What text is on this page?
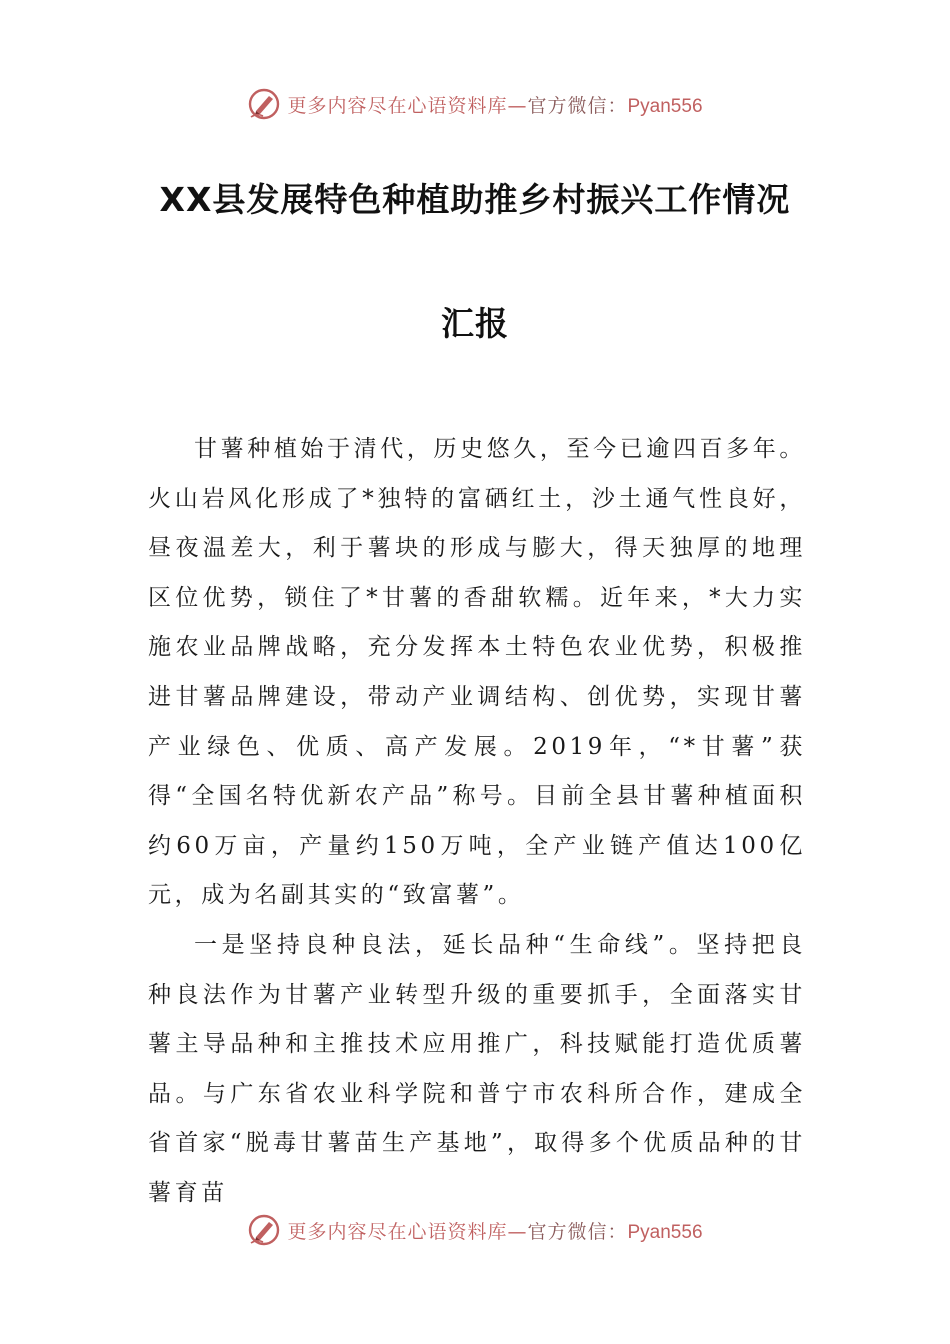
更多内容尽在心语资料库—官方微信：Pyan556
XX县发展特色种植助推乡村振兴工作情况
汇报

甘薯种植始于清代，历史悠久，至今已逾四百多年。火山岩风化形成了*独特的富硒红土，沙土通气性良好，昼夜温差大，利于薯块的形成与膨大，得天独厚的地理区位优势，锁住了*甘薯的香甜软糯。近年来，*大力实施农业品牌战略，充分发挥本土特色农业优势，积极推进甘薯品牌建设，带动产业调结构、创优势，实现甘薯产业绿色、优质、高产发展。2019年，“*甘薯”获得“全国名特优新农产品”称号。目前全县甘薯种植面积约60万亩，产量约150万吨，全产业链产值达100亿元，成为名副其实的“致富薯”。

一是坚持良种良法，延长品种“生命线”。坚持把良种良法作为甘薯产业转型升级的重要抓手，全面落实甘薯主导品种和主推技术应用推广，科技赋能打造优质薯品。与广东省农业科学院和普宁市农科所合作，建成全省首家“脱毒甘薯苗生产基地”，取得多个优质品种的甘薯育苗

更多内容尽在心语资料库—官方微信：Pyan556
